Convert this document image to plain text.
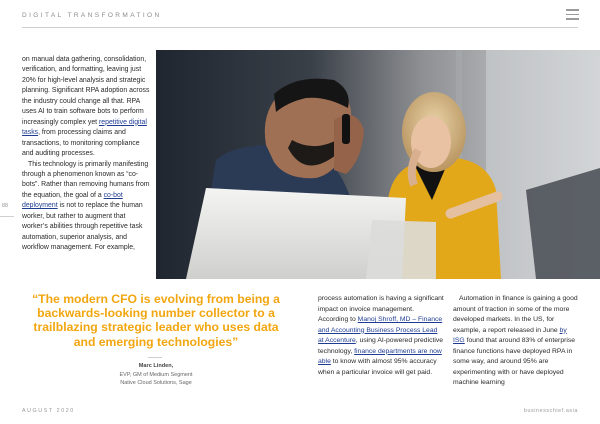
DIGITAL TRANSFORMATION

on manual data gathering, consolidation, verification, and formatting, leaving just 20% for high-level analysis and strategic planning. Significant RPA adoption across the industry could change all that. RPA uses AI to train software bots to perform increasingly complex yet repetitive digital tasks, from processing claims and transactions, to monitoring compliance and auditing processes.

This technology is primarily manifesting through a phenomenon known as “co-bots”. Rather than removing humans from the equation, the goal of a co-bot deployment is not to replace the human worker, but rather to augment that worker’s abilities through repetitive task automation, superior analysis, and workflow management. For example,

88
“The modern CFO is evolving from being a backwards-looking number collector to a trailblazing strategic leader who uses data and emerging technologies”
Marc Linden,
EVP, GM of Medium Segment
Native Cloud Solutions, Sage

process automation is having a significant impact on invoice management. According to Manoj Shroff, MD – Finance and Accounting Business Process Lead at Accenture, using AI-powered predictive technology, finance departments are now able to know with almost 95% accuracy when a particular invoice will get paid.

Automation in finance is gaining a good amount of traction in some of the more developed markets. In the US, for example, a report released in June by ISG found that around 83% of enterprise finance functions have deployed RPA in some way, and around 95% are experimenting with or have deployed machine learning

AUGUST 2020	businesschief.asia
